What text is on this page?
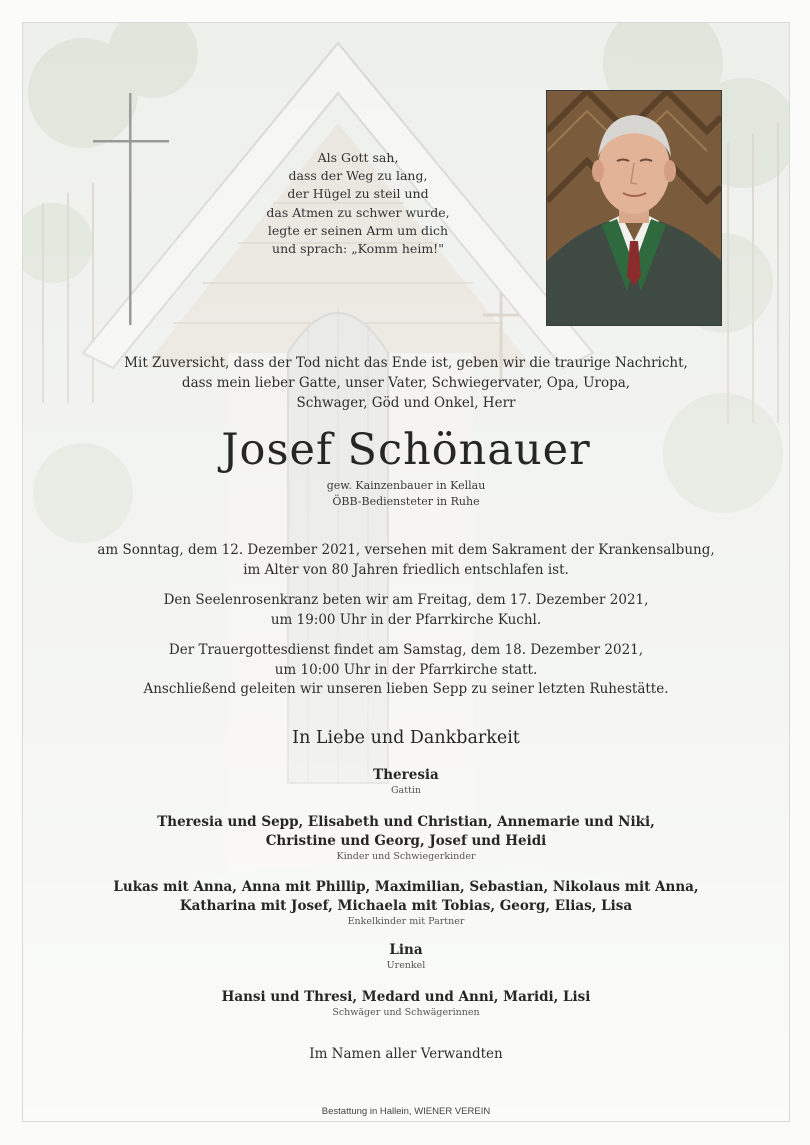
Als Gott sah,
dass der Weg zu lang,
der Hügel zu steil und
das Atmen zu schwer wurde,
legte er seinen Arm um dich
und sprach: „Komm heim!"
Mit Zuversicht, dass der Tod nicht das Ende ist, geben wir die traurige Nachricht,
dass mein lieber Gatte, unser Vater, Schwiegervater, Opa, Uropa,
Schwager, Göd und Onkel, Herr
Josef Schönauer
gew. Kainzenbauer in Kellau
ÖBB-Bediensteter in Ruhe
am Sonntag, dem 12. Dezember 2021, versehen mit dem Sakrament der Krankensalbung,
im Alter von 80 Jahren friedlich entschlafen ist.
Den Seelenrosenkranz beten wir am Freitag, dem 17. Dezember 2021,
um 19:00 Uhr in der Pfarrkirche Kuchl.
Der Trauergottesdienst findet am Samstag, dem 18. Dezember 2021,
um 10:00 Uhr in der Pfarrkirche statt.
Anschließend geleiten wir unseren lieben Sepp zu seiner letzten Ruhestätte.
In Liebe und Dankbarkeit
Theresia
Gattin
Theresia und Sepp, Elisabeth und Christian, Annemarie und Niki,
Christine und Georg, Josef und Heidi
Kinder und Schwiegerkinder
Lukas mit Anna, Anna mit Phillip, Maximilian, Sebastian, Nikolaus mit Anna,
Katharina mit Josef, Michaela mit Tobias, Georg, Elias, Lisa
Enkelkinder mit Partner
Lina
Urenkel
Hansi und Thresi, Medard und Anni, Maridi, Lisi
Schwäger und Schwägerinnen
Im Namen aller Verwandten
Bestattung in Hallein, WIENER VEREIN
